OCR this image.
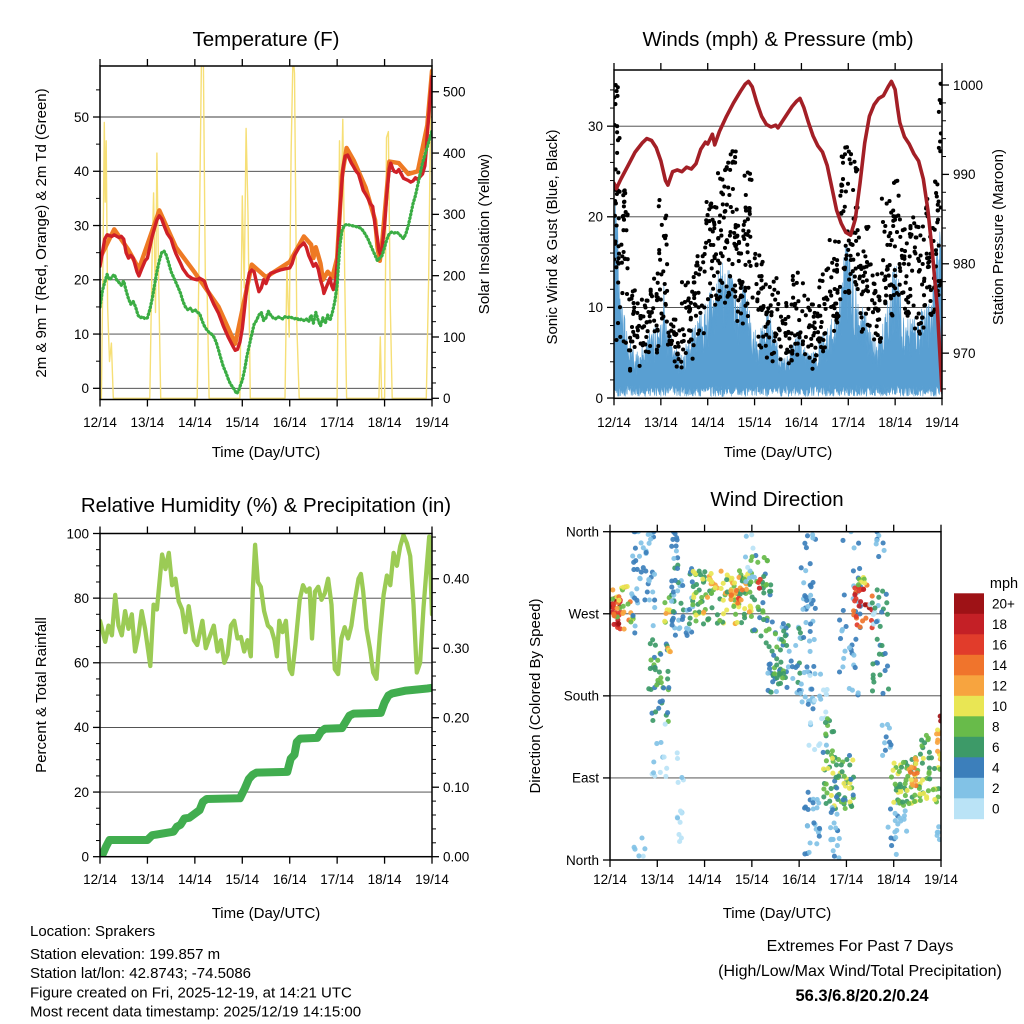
12/14 13/14 14/14 15/14 16/14 17/14 18/14 19/14
0
10
20
30
40
50
0
100
200
300
400
500
Temperature (F)
2m & 9m T (Red, Orange) & 2m Td (Green)	Solar Insolation (Yellow)
Time (Day/UTC)
12/14 13/14 14/14 15/14 16/14 17/14 18/14 19/14
0
10
20
30
970
980
990
1000
Winds (mph) & Pressure (mb)
Sonic Wind & Gust (Blue, Black)	Station Pressure (Maroon)
Time (Day/UTC)
12/14 13/14 14/14 15/14 16/14 17/14 18/14 19/14
0
20
40
60
80
100
0.00
0.10
0.20
0.30
0.40
Relative Humidity (%) & Precipitation (in)
Percent & Total Rainfall
Time (Day/UTC)
12/14 13/14 14/14 15/14 16/14 17/14 18/14 19/14
North
West
South
East
North
Wind Direction
Direction (Colored By Speed)
Time (Day/UTC)
20+
18
16
14
12
10
8
6
4
2
0
mph
Location: Sprakers
Station elevation: 199.857 m
Station lat/lon: 42.8743; -74.5086
Figure created on Fri, 2025-12-19, at 14:21 UTC
Most recent data timestamp: 2025/12/19 14:15:00
Extremes For Past 7 Days
(High/Low/Max Wind/Total Precipitation)
56.3/6.8/20.2/0.24
